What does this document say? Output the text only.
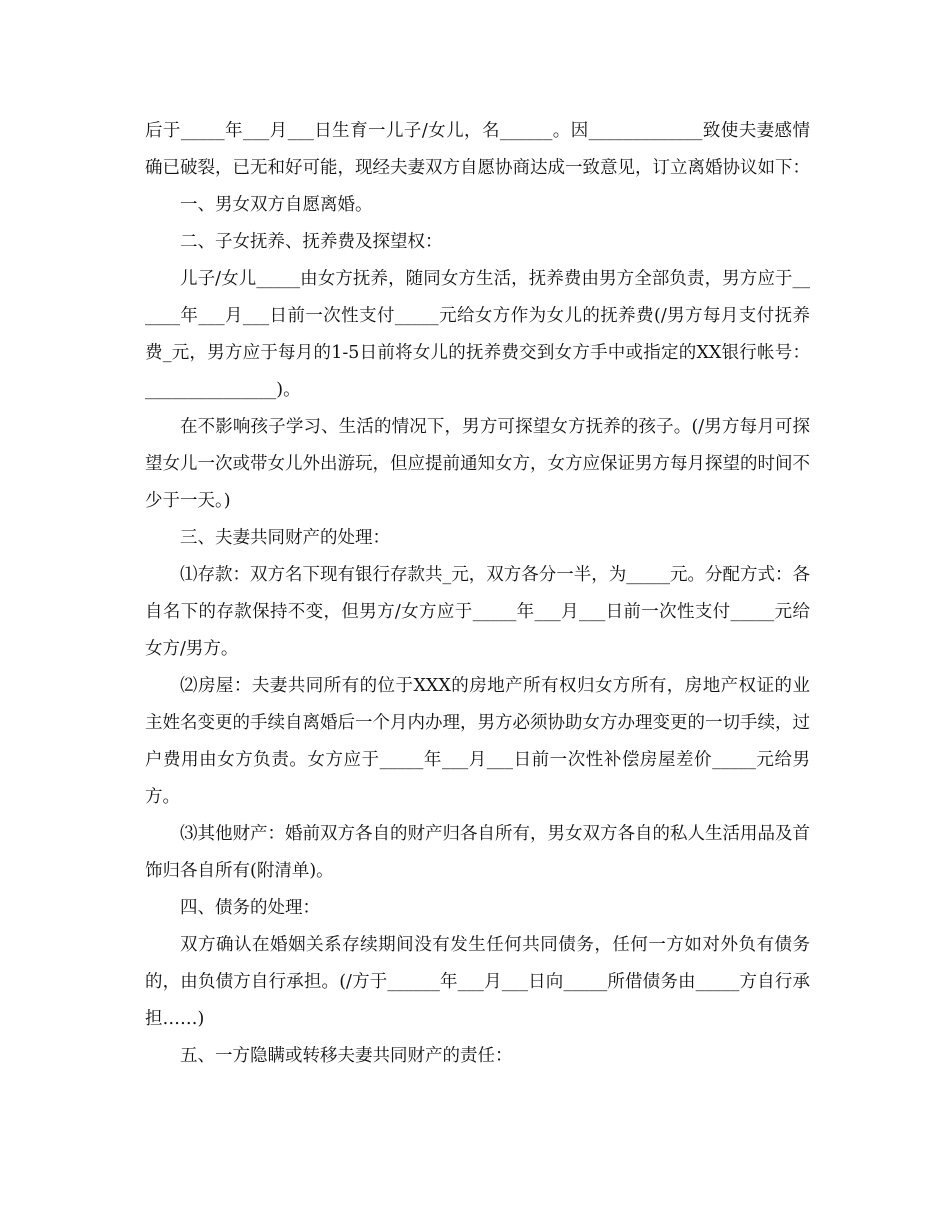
后于_____年___月___日生育一儿子/女儿，名______。因_____________致使夫妻感情确已破裂，已无和好可能，现经夫妻双方自愿协商达成一致意见，订立离婚协议如下：

一、男女双方自愿离婚。

二、子女抚养、抚养费及探望权：

儿子/女儿_____由女方抚养，随同女方生活，抚养费由男方全部负责，男方应于______年___月___日前一次性支付_____元给女方作为女儿的抚养费(/男方每月支付抚养费_元，男方应于每月的1-5日前将女儿的抚养费交到女方手中或指定的XX银行帐号：_______________)。

在不影响孩子学习、生活的情况下，男方可探望女方抚养的孩子。(/男方每月可探望女儿一次或带女儿外出游玩，但应提前通知女方，女方应保证男方每月探望的时间不少于一天。)

三、夫妻共同财产的处理：

⑴存款：双方名下现有银行存款共_元，双方各分一半，为_____元。分配方式：各自名下的存款保持不变，但男方/女方应于_____年___月___日前一次性支付_____元给女方/男方。

⑵房屋：夫妻共同所有的位于XXX的房地产所有权归女方所有，房地产权证的业主姓名变更的手续自离婚后一个月内办理，男方必须协助女方办理变更的一切手续，过户费用由女方负责。女方应于_____年___月___日前一次性补偿房屋差价_____元给男方。

⑶其他财产：婚前双方各自的财产归各自所有，男女双方各自的私人生活用品及首饰归各自所有(附清单)。

四、债务的处理：

双方确认在婚姻关系存续期间没有发生任何共同债务，任何一方如对外负有债务的，由负债方自行承担。(/方于______年___月___日向_____所借债务由_____方自行承担……)

五、一方隐瞒或转移夫妻共同财产的责任：
